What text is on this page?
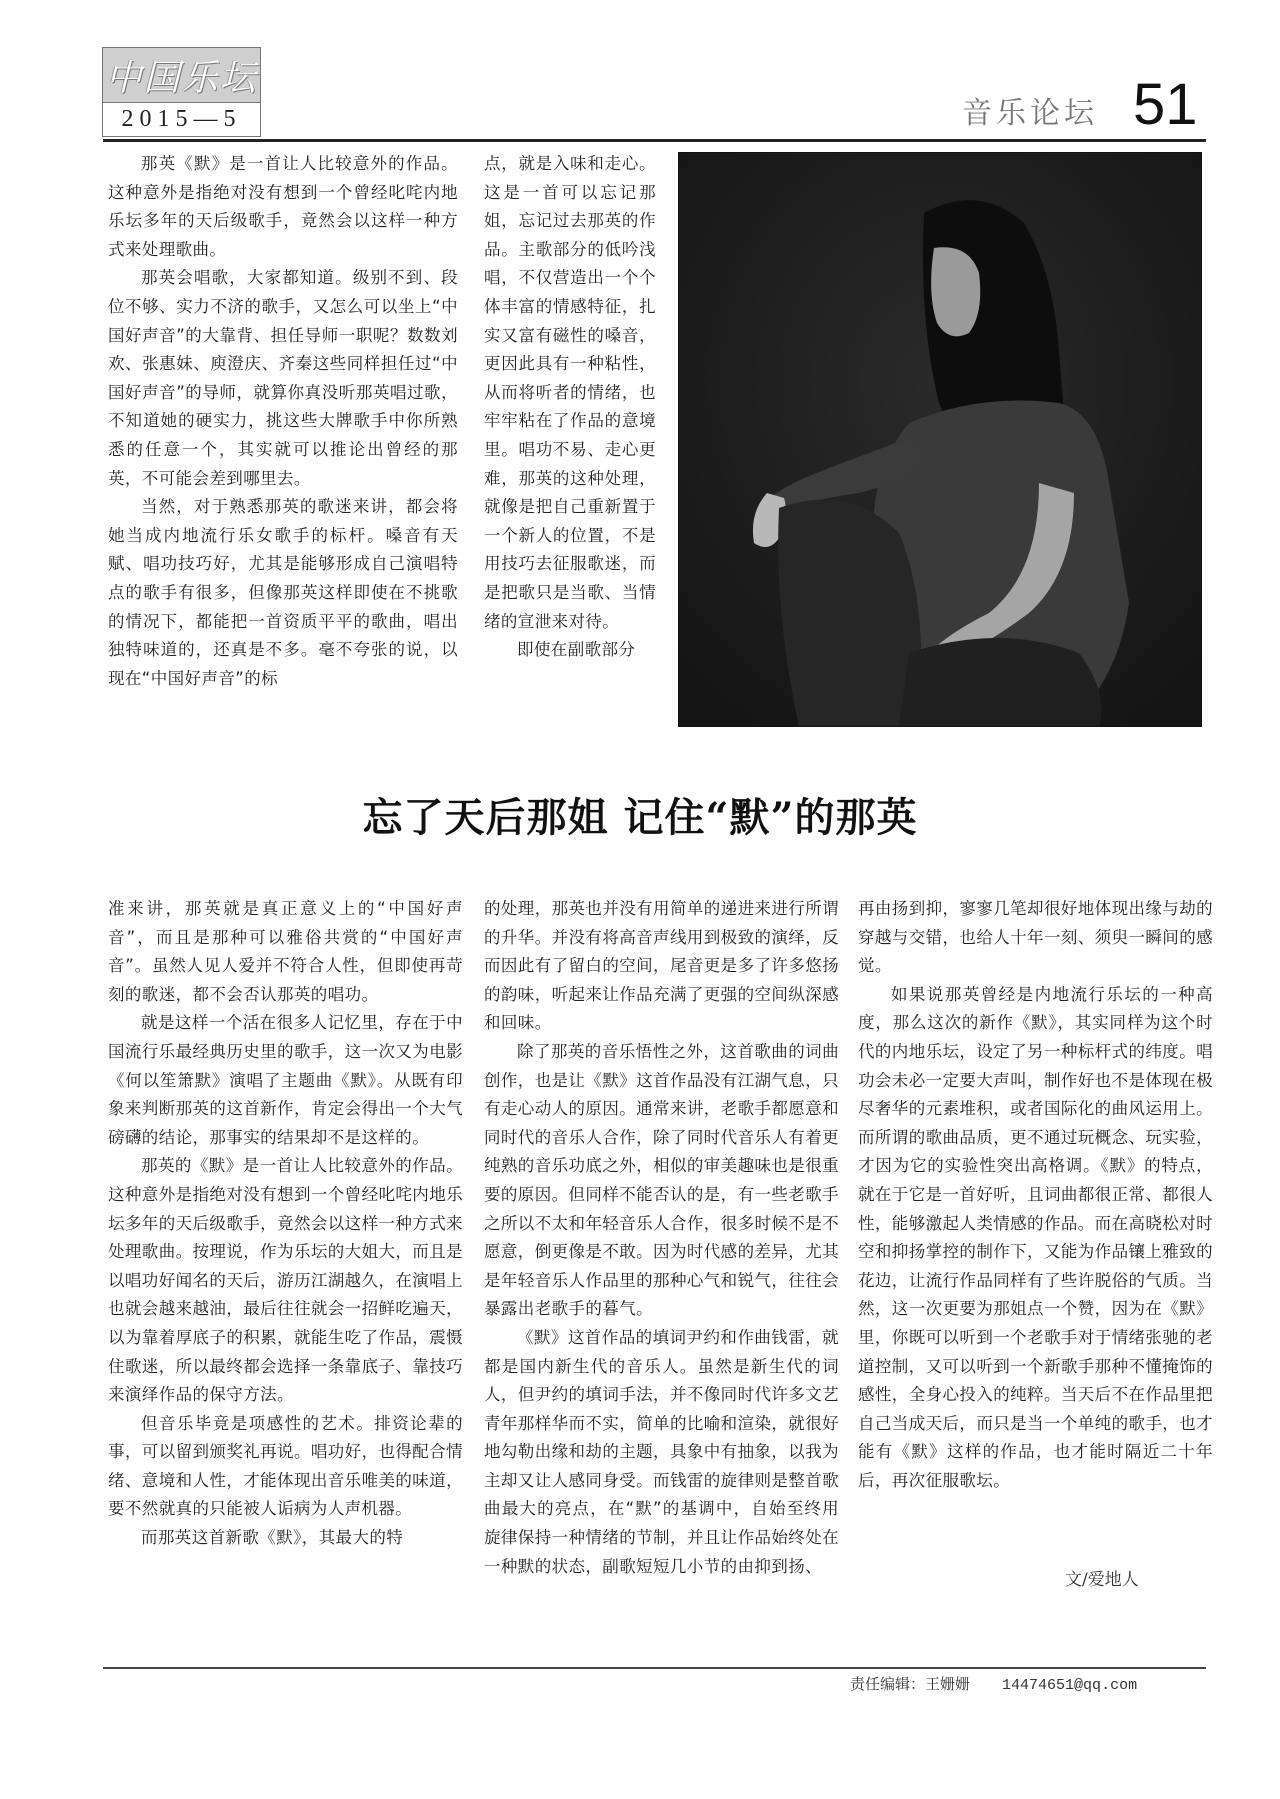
中国乐坛
2015—5	音乐论坛 51

那英《默》是一首让人比较意外的作品。这种意外是指绝对没有想到一个曾经叱咤内地乐坛多年的天后级歌手，竟然会以这样一种方式来处理歌曲。

那英会唱歌，大家都知道。级别不到、段位不够、实力不济的歌手，又怎么可以坐上“中国好声音”的大靠背、担任导师一职呢？数数刘欢、张惠妹、庾澄庆、齐秦这些同样担任过“中国好声音”的导师，就算你真没听那英唱过歌，不知道她的硬实力，挑这些大牌歌手中你所熟悉的任意一个，其实就可以推论出曾经的那英，不可能会差到哪里去。

当然，对于熟悉那英的歌迷来讲，都会将她当成内地流行乐女歌手的标杆。嗓音有天赋、唱功技巧好，尤其是能够形成自己演唱特点的歌手有很多，但像那英这样即使在不挑歌的情况下，都能把一首资质平平的歌曲，唱出独特味道的，还真是不多。毫不夸张的说，以现在“中国好声音”的标

点，就是入味和走心。这是一首可以忘记那姐，忘记过去那英的作品。主歌部分的低吟浅唱，不仅营造出一个个体丰富的情感特征，扎实又富有磁性的嗓音，更因此具有一种粘性，从而将听者的情绪，也牢牢粘在了作品的意境里。唱功不易、走心更难，那英的这种处理，就像是把自己重新置于一个新人的位置，不是用技巧去征服歌迷，而是把歌只是当歌、当情绪的宣泄来对待。

即使在副歌部分

忘了天后那姐 记住“默”的那英

准来讲，那英就是真正意义上的“中国好声音”，而且是那种可以雅俗共赏的“中国好声音”。虽然人见人爱并不符合人性，但即使再苛刻的歌迷，都不会否认那英的唱功。

就是这样一个活在很多人记忆里，存在于中国流行乐最经典历史里的歌手，这一次又为电影《何以笙箫默》演唱了主题曲《默》。从既有印象来判断那英的这首新作，肯定会得出一个大气磅礴的结论，那事实的结果却不是这样的。

那英的《默》是一首让人比较意外的作品。这种意外是指绝对没有想到一个曾经叱咤内地乐坛多年的天后级歌手，竟然会以这样一种方式来处理歌曲。按理说，作为乐坛的大姐大，而且是以唱功好闻名的天后，游历江湖越久，在演唱上也就会越来越油，最后往往就会一招鲜吃遍天，以为靠着厚底子的积累，就能生吃了作品，震慑住歌迷，所以最终都会选择一条靠底子、靠技巧来演绎作品的保守方法。

但音乐毕竟是项感性的艺术。排资论辈的事，可以留到颁奖礼再说。唱功好，也得配合情绪、意境和人性，才能体现出音乐唯美的味道，要不然就真的只能被人诟病为人声机器。

而那英这首新歌《默》，其最大的特

的处理，那英也并没有用简单的递进来进行所谓的升华。并没有将高音声线用到极致的演绎，反而因此有了留白的空间，尾音更是多了许多悠扬的韵味，听起来让作品充满了更强的空间纵深感和回味。

除了那英的音乐悟性之外，这首歌曲的词曲创作，也是让《默》这首作品没有江湖气息，只有走心动人的原因。通常来讲，老歌手都愿意和同时代的音乐人合作，除了同时代音乐人有着更纯熟的音乐功底之外，相似的审美趣味也是很重要的原因。但同样不能否认的是，有一些老歌手之所以不太和年轻音乐人合作，很多时候不是不愿意，倒更像是不敢。因为时代感的差异，尤其是年轻音乐人作品里的那种心气和锐气，往往会暴露出老歌手的暮气。

《默》这首作品的填词尹约和作曲钱雷，就都是国内新生代的音乐人。虽然是新生代的词人，但尹约的填词手法，并不像同时代许多文艺青年那样华而不实，简单的比喻和渲染，就很好地勾勒出缘和劫的主题，具象中有抽象，以我为主却又让人感同身受。而钱雷的旋律则是整首歌曲最大的亮点，在“默”的基调中，自始至终用旋律保持一种情绪的节制，并且让作品始终处在一种默的状态，副歌短短几小节的由抑到扬、

再由扬到抑，寥寥几笔却很好地体现出缘与劫的穿越与交错，也给人十年一刻、须臾一瞬间的感觉。

如果说那英曾经是内地流行乐坛的一种高度，那么这次的新作《默》，其实同样为这个时代的内地乐坛，设定了另一种标杆式的纬度。唱功会未必一定要大声叫，制作好也不是体现在极尽奢华的元素堆积，或者国际化的曲风运用上。而所谓的歌曲品质，更不通过玩概念、玩实验，才因为它的实验性突出高格调。《默》的特点，就在于它是一首好听，且词曲都很正常、都很人性，能够激起人类情感的作品。而在高晓松对时空和抑扬掌控的制作下，又能为作品镶上雅致的花边，让流行作品同样有了些许脱俗的气质。当然，这一次更要为那姐点一个赞，因为在《默》里，你既可以听到一个老歌手对于情绪张驰的老道控制，又可以听到一个新歌手那种不懂掩饰的感性，全身心投入的纯粹。当天后不在作品里把自己当成天后，而只是当一个单纯的歌手，也才能有《默》这样的作品，也才能时隔近二十年后，再次征服歌坛。

文/爱地人
责任编辑：王姗姗 14474651@qq.com
